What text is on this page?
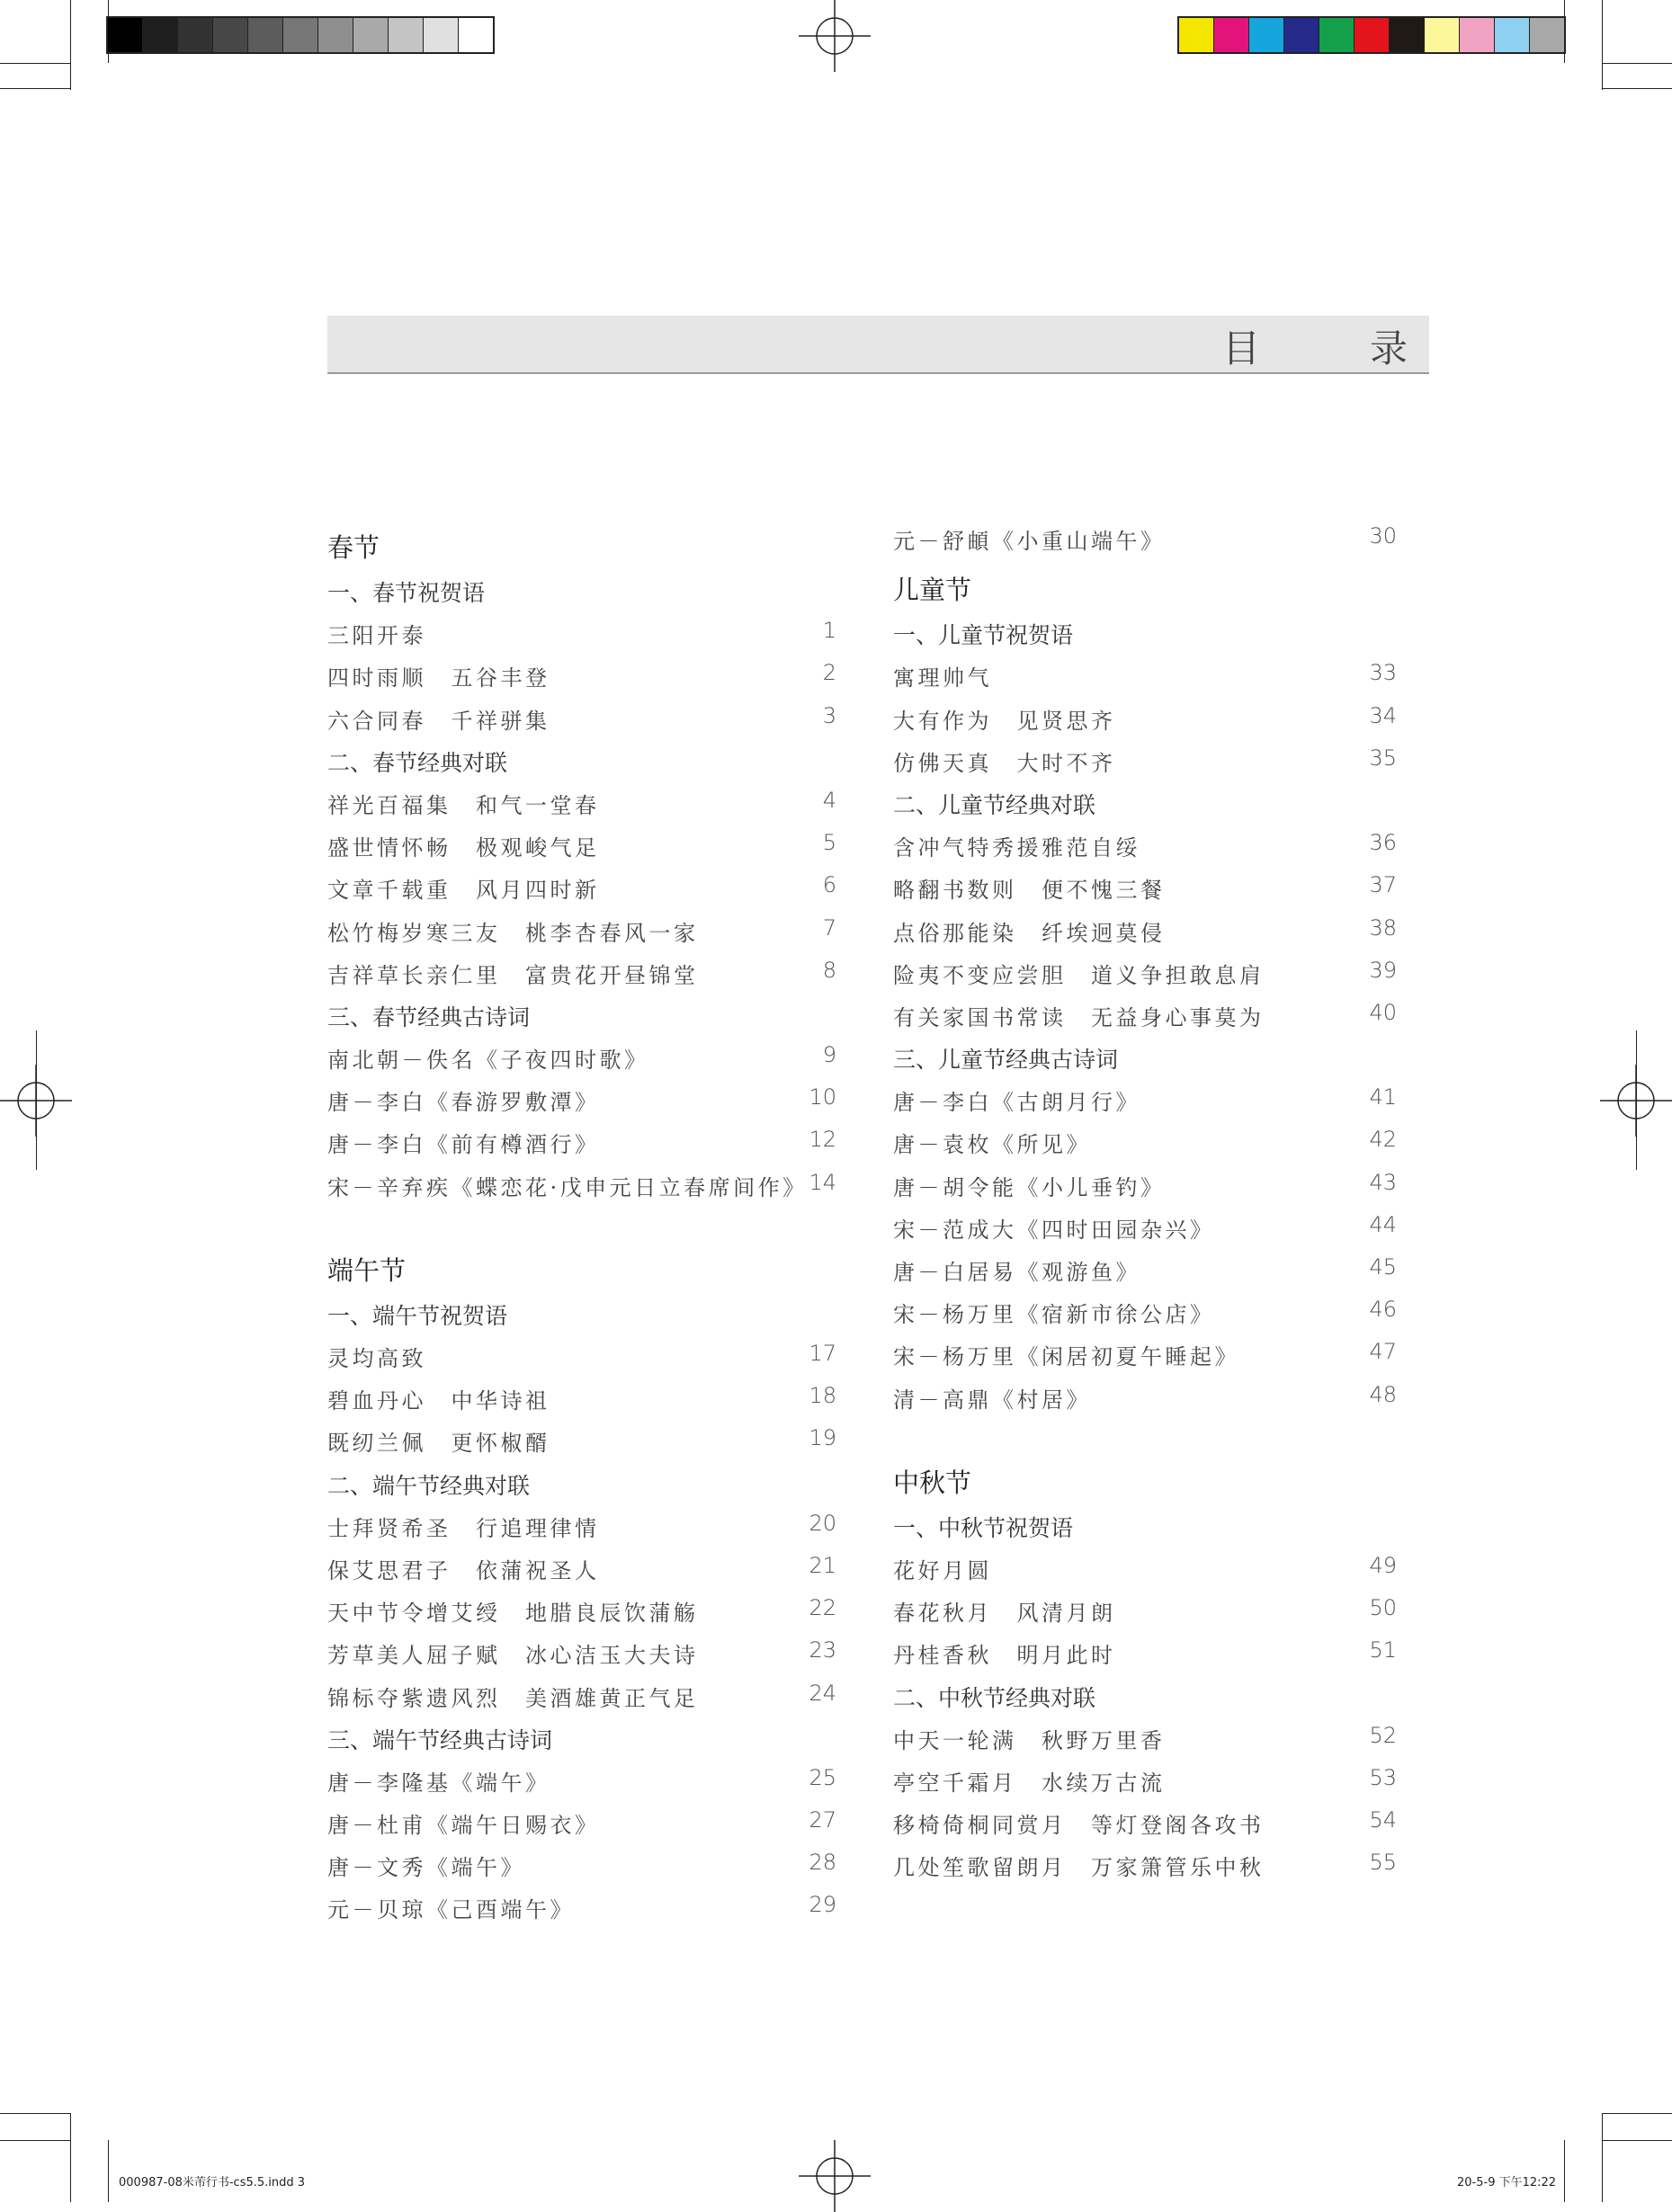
目　录
春节
一、春节祝贺语
三阳开泰	1
四时雨顺　五谷丰登	2
六合同春　千祥骈集	3
二、春节经典对联
祥光百福集　和气一堂春	4
盛世情怀畅　极观峻气足	5
文章千载重　风月四时新	6
松竹梅岁寒三友　桃李杏春风一家	7
吉祥草长亲仁里　富贵花开昼锦堂	8
三、春节经典古诗词
南北朝－佚名《子夜四时歌》	9
唐－李白《春游罗敷潭》	10
唐－李白《前有樽酒行》	12
宋－辛弃疾《蝶恋花·戊申元日立春席间作》 14
端午节
一、端午节祝贺语
灵均高致	17
碧血丹心　中华诗祖	18
既纫兰佩　更怀椒醑	19
二、端午节经典对联
士拜贤希圣　行追理律情	20
保艾思君子　依蒲祝圣人	21
天中节令增艾绶　地腊良辰饮蒲觞	22
芳草美人屈子赋　冰心洁玉大夫诗	23
锦标夺紫遗风烈　美酒雄黄正气足	24
三、端午节经典古诗词
唐－李隆基《端午》	25
唐－杜甫《端午日赐衣》	27
唐－文秀《端午》	28
元－贝琼《己酉端午》	29
元－舒頔《小重山端午》	30
儿童节
一、儿童节祝贺语
寓理帅气	33
大有作为　见贤思齐	34
仿佛天真　大时不齐	35
二、儿童节经典对联
含冲气特秀援雅范自绥	36
略翻书数则　便不愧三餐	37
点俗那能染　纤埃迥莫侵	38
险夷不变应尝胆　道义争担敢息肩	39
有关家国书常读　无益身心事莫为	40
三、儿童节经典古诗词
唐－李白《古朗月行》	41
唐－袁枚《所见》	42
唐－胡令能《小儿垂钓》	43
宋－范成大《四时田园杂兴》	44
唐－白居易《观游鱼》	45
宋－杨万里《宿新市徐公店》	46
宋－杨万里《闲居初夏午睡起》	47
清－高鼎《村居》	48
中秋节
一、中秋节祝贺语
花好月圆	49
春花秋月　风清月朗	50
丹桂香秋　明月此时	51
二、中秋节经典对联
中天一轮满　秋野万里香	52
亭空千霜月　水续万古流	53
移椅倚桐同赏月　等灯登阁各攻书	54
几处笙歌留朗月　万家箫管乐中秋	55
000987-08米芾行书-cs5.5.indd 3	20-5-9 下午12:22
